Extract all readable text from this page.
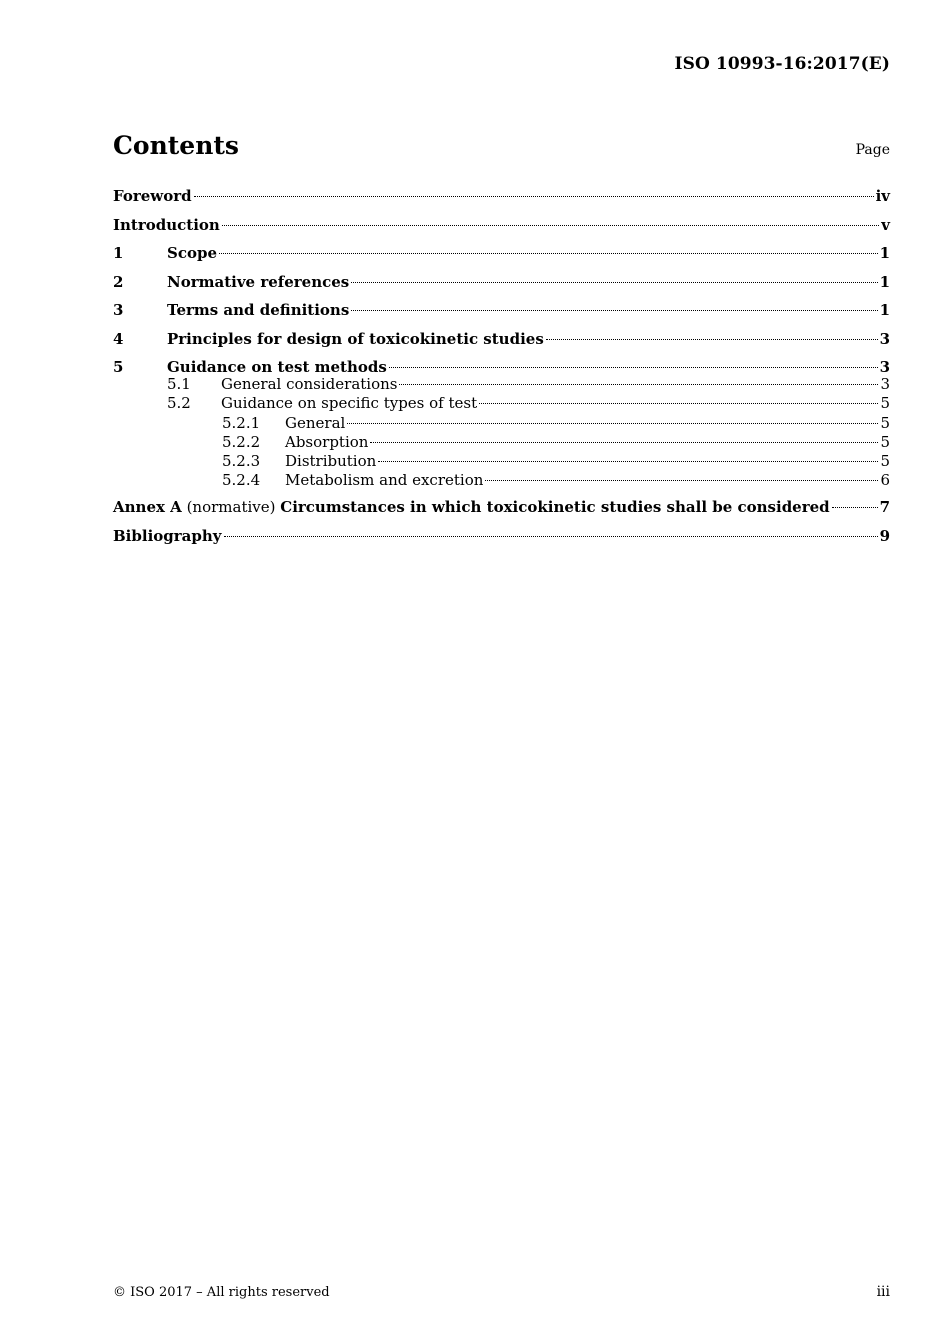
ISO 10993-16:2017(E)
Contents	Page
Foreword	iv
Introduction	v
1	Scope	1
2	Normative references	1
3	Terms and definitions	1
4	Principles for design of toxicokinetic studies	3
5	Guidance on test methods	3
5.1	General considerations	3
5.2	Guidance on specific types of test	5
5.2.1	General	5
5.2.2	Absorption	5
5.2.3	Distribution	5
5.2.4	Metabolism and excretion	6
Annex A (normative) Circumstances in which toxicokinetic studies shall be considered	7
Bibliography	9
© ISO 2017 – All rights reserved	iii
